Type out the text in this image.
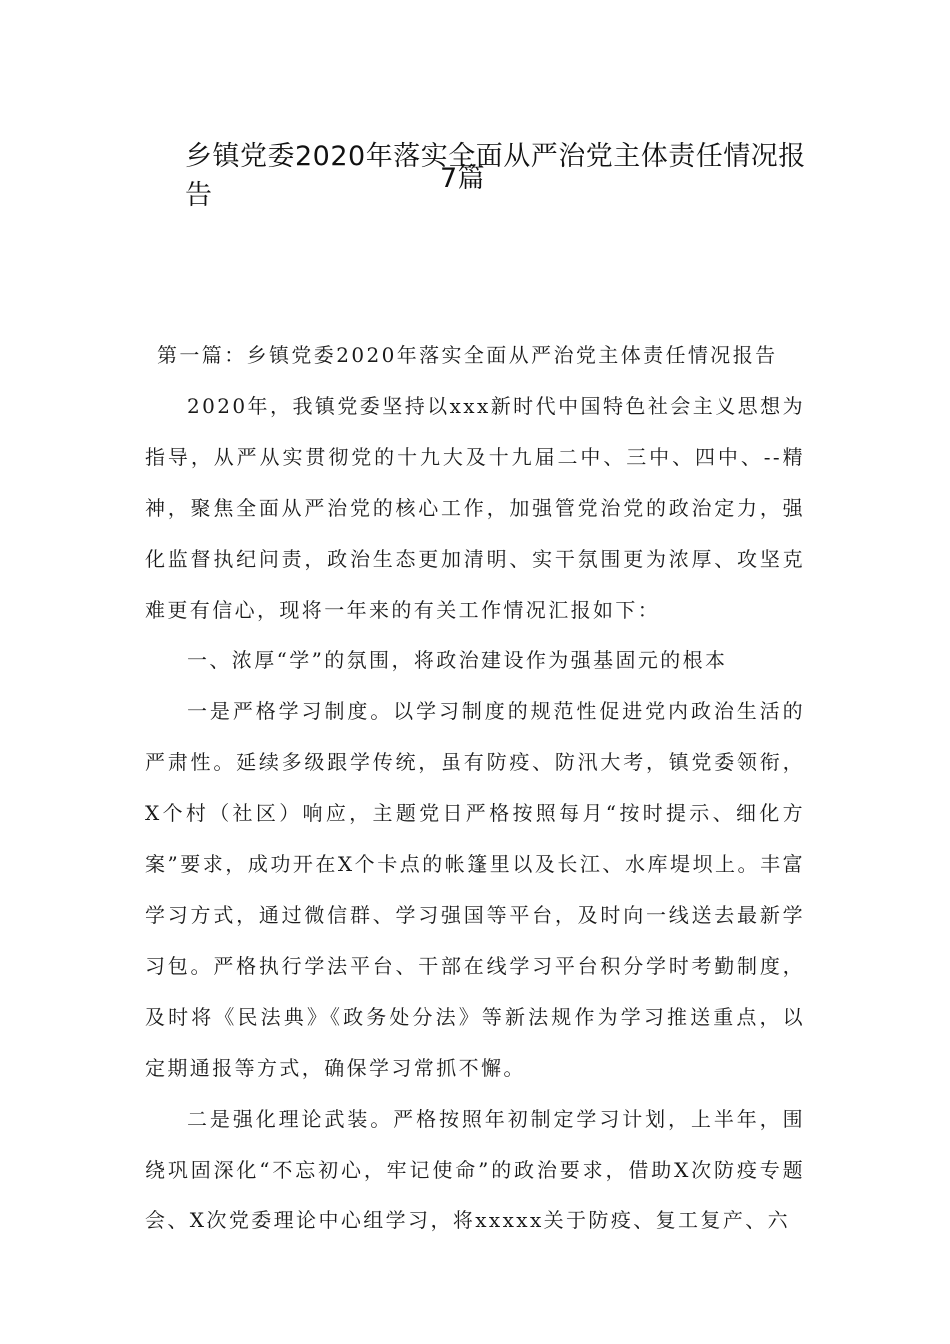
乡镇党委2020年落实全面从严治党主体责任情况报告
7篇

第一篇：乡镇党委2020年落实全面从严治党主体责任情况报告

2020年，我镇党委坚持以xxx新时代中国特色社会主义思想为指导，从严从实贯彻党的十九大及十九届二中、三中、四中、--精神，聚焦全面从严治党的核心工作，加强管党治党的政治定力，强化监督执纪问责，政治生态更加清明、实干氛围更为浓厚、攻坚克难更有信心，现将一年来的有关工作情况汇报如下：

一、浓厚“学”的氛围，将政治建设作为强基固元的根本

一是严格学习制度。以学习制度的规范性促进党内政治生活的严肃性。延续多级跟学传统，虽有防疫、防汛大考，镇党委领衔，X个村（社区）响应，主题党日严格按照每月“按时提示、细化方案”要求，成功开在X个卡点的帐篷里以及长江、水库堤坝上。丰富学习方式，通过微信群、学习强国等平台，及时向一线送去最新学习包。严格执行学法平台、干部在线学习平台积分学时考勤制度，及时将《民法典》《政务处分法》等新法规作为学习推送重点，以定期通报等方式，确保学习常抓不懈。

二是强化理论武装。严格按照年初制定学习计划，上半年，围绕巩固深化“不忘初心，牢记使命”的政治要求，借助X次防疫专题会、X次党委理论中心组学习，将xxxxx关于防疫、复工复产、六
